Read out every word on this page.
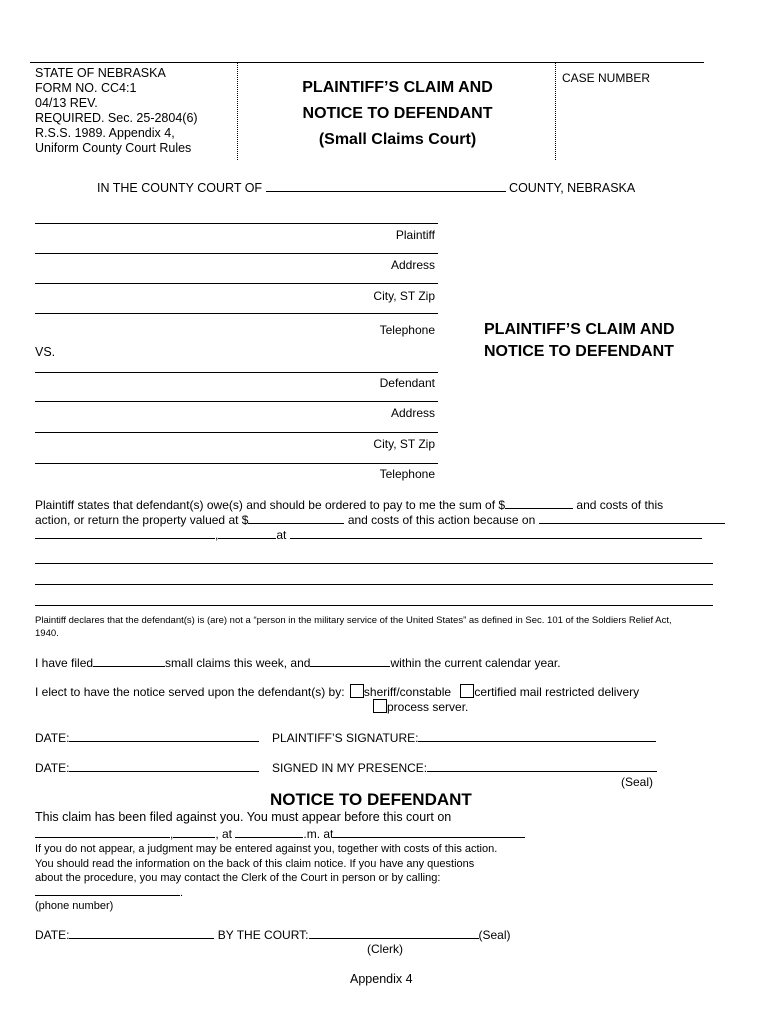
STATE OF NEBRASKA
FORM NO. CC4:1
04/13 REV.
REQUIRED. Sec. 25-2804(6)
R.S.S. 1989. Appendix 4,
Uniform County Court Rules
PLAINTIFF’S CLAIM AND
NOTICE TO DEFENDANT
(Small Claims Court)
CASE NUMBER
IN THE COUNTY COURT OF	COUNTY, NEBRASKA
Plaintiff
Address
City, ST Zip
Telephone
VS.
PLAINTIFF’S CLAIM AND
NOTICE TO DEFENDANT
Defendant
Address
City, ST Zip
Telephone
Plaintiff states that defendant(s) owe(s) and should be ordered to pay to me the sum of $	and costs of this
action, or return the property valued at $	and costs of this action because on
,	at
Plaintiff declares that the defendant(s) is (are) not a “person in the military service of the United States” as defined in Sec. 101 of the Soldiers Relief Act,
1940.
I have filed	small claims this week, and	within the current calendar year.
I elect to have the notice served upon the defendant(s) by: sheriff/constable certified mail restricted delivery
process server.
DATE:	PLAINTIFF’S SIGNATURE:
DATE:	SIGNED IN MY PRESENCE:
(Seal)
NOTICE TO DEFENDANT
This claim has been filed against you. You must appear before this court on
,	, at	.m. at
If you do not appear, a judgment may be entered against you, together with costs of this action.
You should read the information on the back of this claim notice. If you have any questions
about the procedure, you may contact the Clerk of the Court in person or by calling:
.
(phone number)
DATE:	BY THE COURT:	(Seal)
(Clerk)
Appendix 4
